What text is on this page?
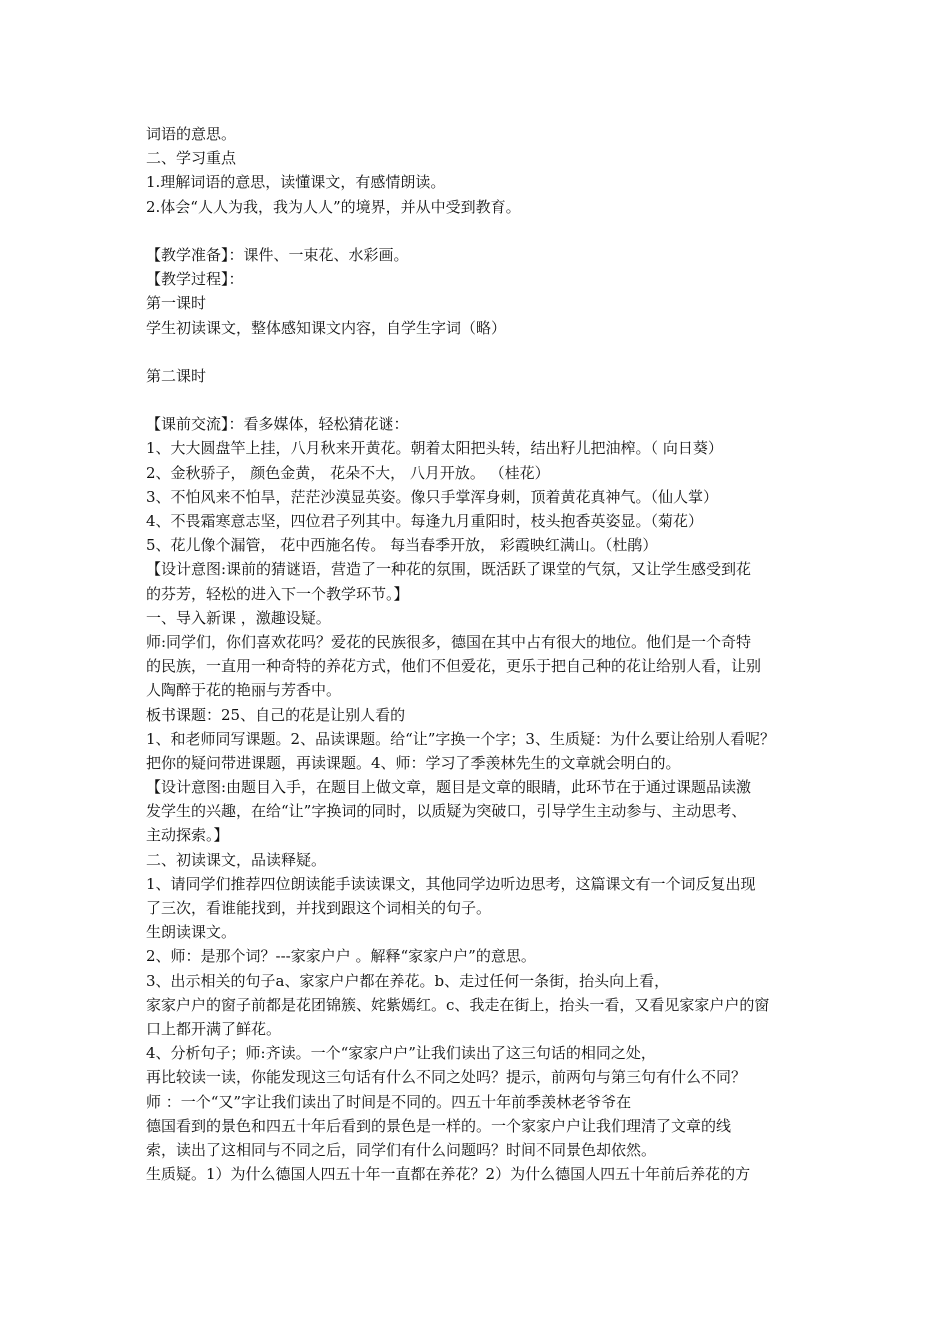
词语的意思。
二、学习重点
1.理解词语的意思，读懂课文，有感情朗读。
2.体会“人人为我，我为人人”的境界，并从中受到教育。
【教学准备】：课件、一束花、水彩画。
【教学过程】：
第一课时
学生初读课文，整体感知课文内容，自学生字词（略）
第二课时
【课前交流】：看多媒体，轻松猜花谜：
1、大大圆盘竿上挂，八月秋来开黄花。朝着太阳把头转，结出籽儿把油榨。（ 向日葵）
2、金秋骄子， 颜色金黄， 花朵不大， 八月开放。 （桂花）
3、不怕风来不怕旱，茫茫沙漠显英姿。像只手掌浑身刺，顶着黄花真神气。（仙人掌）
4、不畏霜寒意志坚，四位君子列其中。每逢九月重阳时，枝头抱香英姿显。（菊花）
5、花儿像个漏管， 花中西施名传。 每当春季开放， 彩霞映红满山。（杜鹃）
【设计意图:课前的猜谜语，营造了一种花的氛围，既活跃了课堂的气氛，又让学生感受到花
的芬芳，轻松的进入下一个教学环节。】
一、导入新课 ，激趣设疑。
师:同学们，你们喜欢花吗？爱花的民族很多，德国在其中占有很大的地位。他们是一个奇特
的民族，一直用一种奇特的养花方式，他们不但爱花，更乐于把自己种的花让给别人看，让别
人陶醉于花的艳丽与芳香中。
板书课题：25、自己的花是让别人看的
1、和老师同写课题。2、品读课题。给“让”字换一个字；3、生质疑：为什么要让给别人看呢？
把你的疑问带进课题，再读课题。4、师：学习了季羡林先生的文章就会明白的。
【设计意图:由题目入手，在题目上做文章，题目是文章的眼睛，此环节在于通过课题品读激
发学生的兴趣，在给“让”字换词的同时，以质疑为突破口，引导学生主动参与、主动思考、
主动探索。】
二、初读课文，品读释疑。
1、请同学们推荐四位朗读能手读读课文，其他同学边听边思考，这篇课文有一个词反复出现
了三次，看谁能找到，并找到跟这个词相关的句子。
生朗读课文。
2、师：是那个词？---家家户户 。解释“家家户户”的意思。
3、出示相关的句子a、家家户户都在养花。b、走过任何一条街，抬头向上看，
家家户户的窗子前都是花团锦簇、姹紫嫣红。c、我走在街上，抬头一看，又看见家家户户的窗
口上都开满了鲜花。
4、分析句子；师:齐读。一个“家家户户”让我们读出了这三句话的相同之处，
再比较读一读，你能发现这三句话有什么不同之处吗？提示，前两句与第三句有什么不同？
师 ：一个“又”字让我们读出了时间是不同的。四五十年前季羡林老爷爷在
德国看到的景色和四五十年后看到的景色是一样的。一个家家户户让我们理清了文章的线
索，读出了这相同与不同之后，同学们有什么问题吗？时间不同景色却依然。
生质疑。1）为什么德国人四五十年一直都在养花？2）为什么德国人四五十年前后养花的方
